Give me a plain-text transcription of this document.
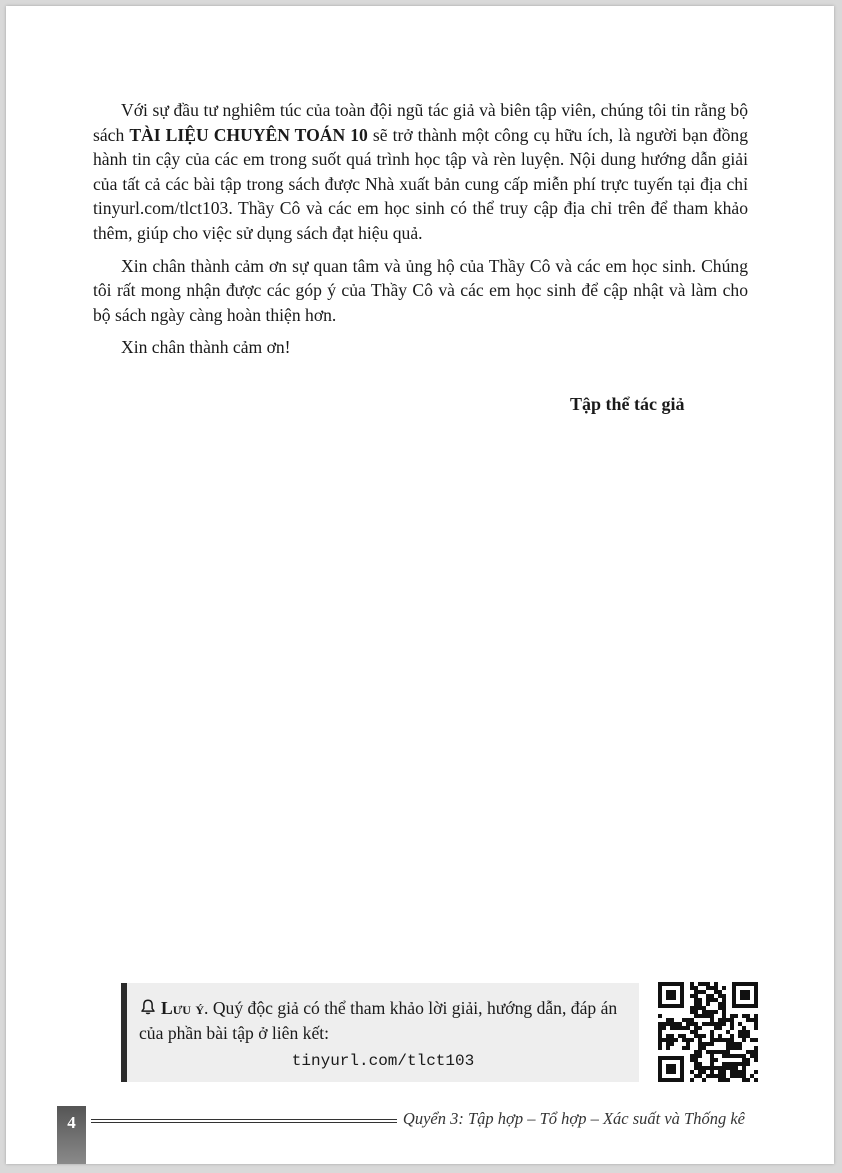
Với sự đầu tư nghiêm túc của toàn đội ngũ tác giả và biên tập viên, chúng tôi tin rằng bộ sách TÀI LIỆU CHUYÊN TOÁN 10 sẽ trở thành một công cụ hữu ích, là người bạn đồng hành tin cậy của các em trong suốt quá trình học tập và rèn luyện. Nội dung hướng dẫn giải của tất cả các bài tập trong sách được Nhà xuất bản cung cấp miễn phí trực tuyến tại địa chỉ tinyurl.com/tlct103. Thầy Cô và các em học sinh có thể truy cập địa chỉ trên để tham khảo thêm, giúp cho việc sử dụng sách đạt hiệu quả.

Xin chân thành cảm ơn sự quan tâm và ủng hộ của Thầy Cô và các em học sinh. Chúng tôi rất mong nhận được các góp ý của Thầy Cô và các em học sinh để cập nhật và làm cho bộ sách ngày càng hoàn thiện hơn.

Xin chân thành cảm ơn!

Tập thể tác giả
Lưu ý. Quý độc giả có thể tham khảo lời giải, hướng dẫn, đáp án của phần bài tập ở liên kết:
tinyurl.com/tlct103
4	Quyển 3: Tập hợp – Tổ hợp – Xác suất và Thống kê
